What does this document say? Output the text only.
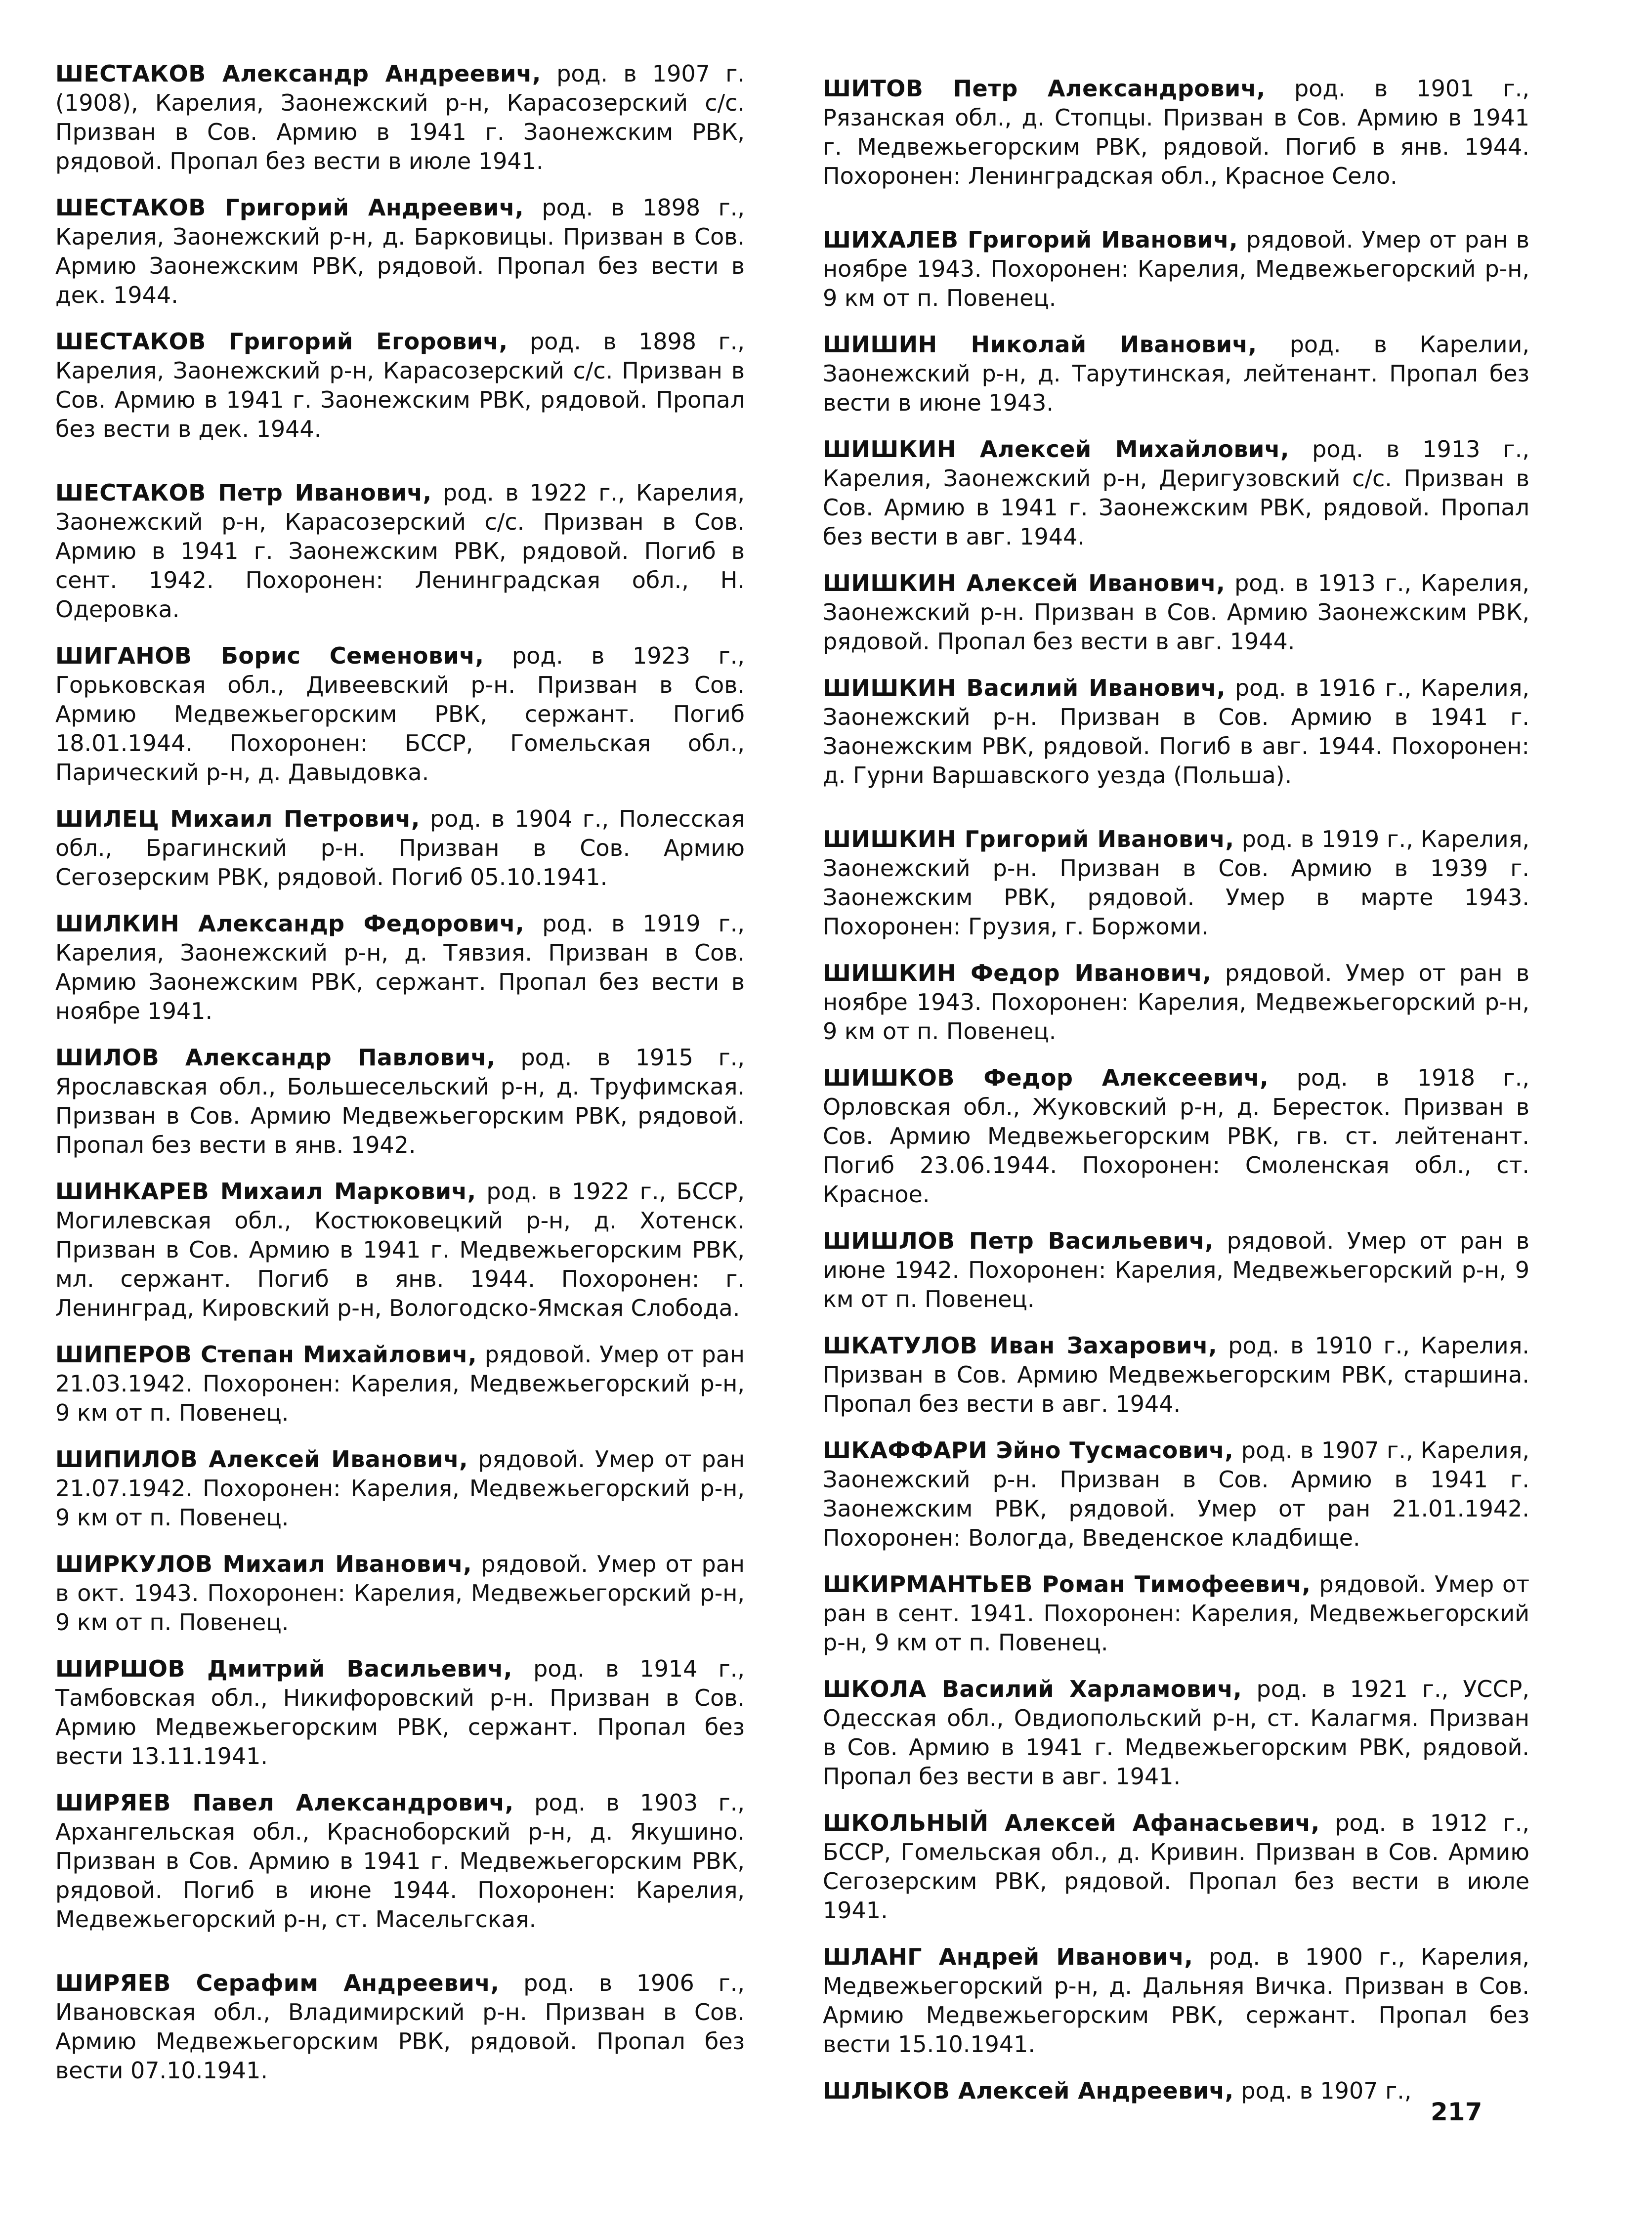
ШЕСТАКОВ Александр Андреевич, род. в 1907 г. (1908), Карелия, Заонежский р-н, Карасозерский с/с. Призван в Сов. Армию в 1941 г. Заонежским РВК, рядовой. Пропал без вести в июле 1941.

ШЕСТАКОВ Григорий Андреевич, род. в 1898 г., Карелия, Заонежский р-н, д. Барковицы. Призван в Сов. Армию Заонежским РВК, рядовой. Пропал без вести в дек. 1944.

ШЕСТАКОВ Григорий Егорович, род. в 1898 г., Карелия, Заонежский р-н, Карасозерский с/с. Призван в Сов. Армию в 1941 г. Заонежским РВК, рядовой. Пропал без вести в дек. 1944.

ШЕСТАКОВ Петр Иванович, род. в 1922 г., Карелия, Заонежский р-н, Карасозерский с/с. Призван в Сов. Армию в 1941 г. Заонежским РВК, рядовой. Погиб в сент. 1942. Похоронен: Ленинградская обл., Н. Одеровка.

ШИГАНОВ Борис Семенович, род. в 1923 г., Горьковская обл., Дивеевский р-н. Призван в Сов. Армию Медвежьегорским РВК, сержант. Погиб 18.01.1944. Похоронен: БССР, Гомельская обл., Паричеcкий р-н, д. Давыдовка.

ШИЛЕЦ Михаил Петрович, род. в 1904 г., Полесская обл., Брагинский р-н. Призван в Сов. Армию Сегозерским РВК, рядовой. Погиб 05.10.1941.

ШИЛКИН Александр Федорович, род. в 1919 г., Карелия, Заонежский р-н, д. Тявзия. Призван в Сов. Армию Заонежским РВК, сержант. Пропал без вести в ноябре 1941.

ШИЛОВ Александр Павлович, род. в 1915 г., Ярославская обл., Большесельский р-н, д. Труфимская. Призван в Сов. Армию Медвежьегорским РВК, рядовой. Пропал без вести в янв. 1942.

ШИНКАРЕВ Михаил Маркович, род. в 1922 г., БССР, Могилевская обл., Костюковецкий р-н, д. Хотенск. Призван в Сов. Армию в 1941 г. Медвежьегорским РВК, мл. сержант. Погиб в янв. 1944. Похоронен: г. Ленинград, Кировский р-н, Вологодско-Ямская Слобода.

ШИПЕРОВ Степан Михайлович, рядовой. Умер от ран 21.03.1942. Похоронен: Карелия, Медвежьегорский р-н, 9 км от п. Повенец.

ШИПИЛОВ Алексей Иванович, рядовой. Умер от ран 21.07.1942. Похоронен: Карелия, Медвежьегорский р-н, 9 км от п. Повенец.

ШИРКУЛОВ Михаил Иванович, рядовой. Умер от ран в окт. 1943. Похоронен: Карелия, Медвежьегорский р-н, 9 км от п. Повенец.

ШИРШОВ Дмитрий Васильевич, род. в 1914 г., Тамбовская обл., Никифоровский р-н. Призван в Сов. Армию Медвежьегорским РВК, сержант. Пропал без вести 13.11.1941.

ШИРЯЕВ Павел Александрович, род. в 1903 г., Архангельская обл., Красноборский р-н, д. Якушино. Призван в Сов. Армию в 1941 г. Медвежьегорским РВК, рядовой. Погиб в июне 1944. Похоронен: Карелия, Медвежьегорский р-н, ст. Масельгская.

ШИРЯЕВ Серафим Андреевич, род. в 1906 г., Ивановская обл., Владимирский р-н. Призван в Сов. Армию Медвежьегорским РВК, рядовой. Пропал без вести 07.10.1941.

ШИТОВ Петр Александрович, род. в 1901 г., Рязанская обл., д. Стопцы. Призван в Сов. Армию в 1941 г. Медвежьегорским РВК, рядовой. Погиб в янв. 1944. Похоронен: Ленинградская обл., Красное Село.

ШИХАЛЕВ Григорий Иванович, рядовой. Умер от ран в ноябре 1943. Похоронен: Карелия, Медвежьегорский р-н, 9 км от п. Повенец.

ШИШИН Николай Иванович, род. в Карелии, Заонежский р-н, д. Тарутинская, лейтенант. Пропал без вести в июне 1943.

ШИШКИН Алексей Михайлович, род. в 1913 г., Карелия, Заонежский р-н, Деригузовский с/с. Призван в Сов. Армию в 1941 г. Заонежским РВК, рядовой. Пропал без вести в авг. 1944.

ШИШКИН Алексей Иванович, род. в 1913 г., Карелия, Заонежский р-н. Призван в Сов. Армию Заонежским РВК, рядовой. Пропал без вести в авг. 1944.

ШИШКИН Василий Иванович, род. в 1916 г., Карелия, Заонежский р-н. Призван в Сов. Армию в 1941 г. Заонежским РВК, рядовой. Погиб в авг. 1944. Похоронен: д. Гурни Варшавского уезда (Польша).

ШИШКИН Григорий Иванович, род. в 1919 г., Карелия, Заонежский р-н. Призван в Сов. Армию в 1939 г. Заонежским РВК, рядовой. Умер в марте 1943. Похоронен: Грузия, г. Боржоми.

ШИШКИН Федор Иванович, рядовой. Умер от ран в ноябре 1943. Похоронен: Карелия, Медвежьегорский р-н, 9 км от п. Повенец.

ШИШКОВ Федор Алексеевич, род. в 1918 г., Орловская обл., Жуковский р-н, д. Бересток. Призван в Сов. Армию Медвежьегорским РВК, гв. ст. лейтенант. Погиб 23.06.1944. Похоронен: Смоленская обл., ст. Красное.

ШИШЛОВ Петр Васильевич, рядовой. Умер от ран в июне 1942. Похоронен: Карелия, Медвежьегорский р-н, 9 км от п. Повенец.

ШКАТУЛОВ Иван Захарович, род. в 1910 г., Карелия. Призван в Сов. Армию Медвежьегорским РВК, старшина. Пропал без вести в авг. 1944.

ШКАФФАРИ Эйно Тусмасович, род. в 1907 г., Карелия, Заонежский р-н. Призван в Сов. Армию в 1941 г. Заонежским РВК, рядовой. Умер от ран 21.01.1942. Похоронен: Вологда, Введенское кладбище.

ШКИРМАНТЬЕВ Роман Тимофеевич, рядовой. Умер от ран в сент. 1941. Похоронен: Карелия, Медвежьегорский р-н, 9 км от п. Повенец.

ШКОЛА Василий Харламович, род. в 1921 г., УССР, Одесская обл., Овдиопольский р-н, ст. Калагмя. Призван в Сов. Армию в 1941 г. Медвежьегорским РВК, рядовой. Пропал без вести в авг. 1941.

ШКОЛЬНЫЙ Алексей Афанасьевич, род. в 1912 г., БССР, Гомельская обл., д. Кривин. Призван в Сов. Армию Сегозерским РВК, рядовой. Пропал без вести в июле 1941.

ШЛАНГ Андрей Иванович, род. в 1900 г., Карелия, Медвежьегорский р-н, д. Дальняя Вичка. Призван в Сов. Армию Медвежьегорским РВК, сержант. Пропал без вести 15.10.1941.

ШЛЫКОВ Алексей Андреевич, род. в 1907 г.,

217
